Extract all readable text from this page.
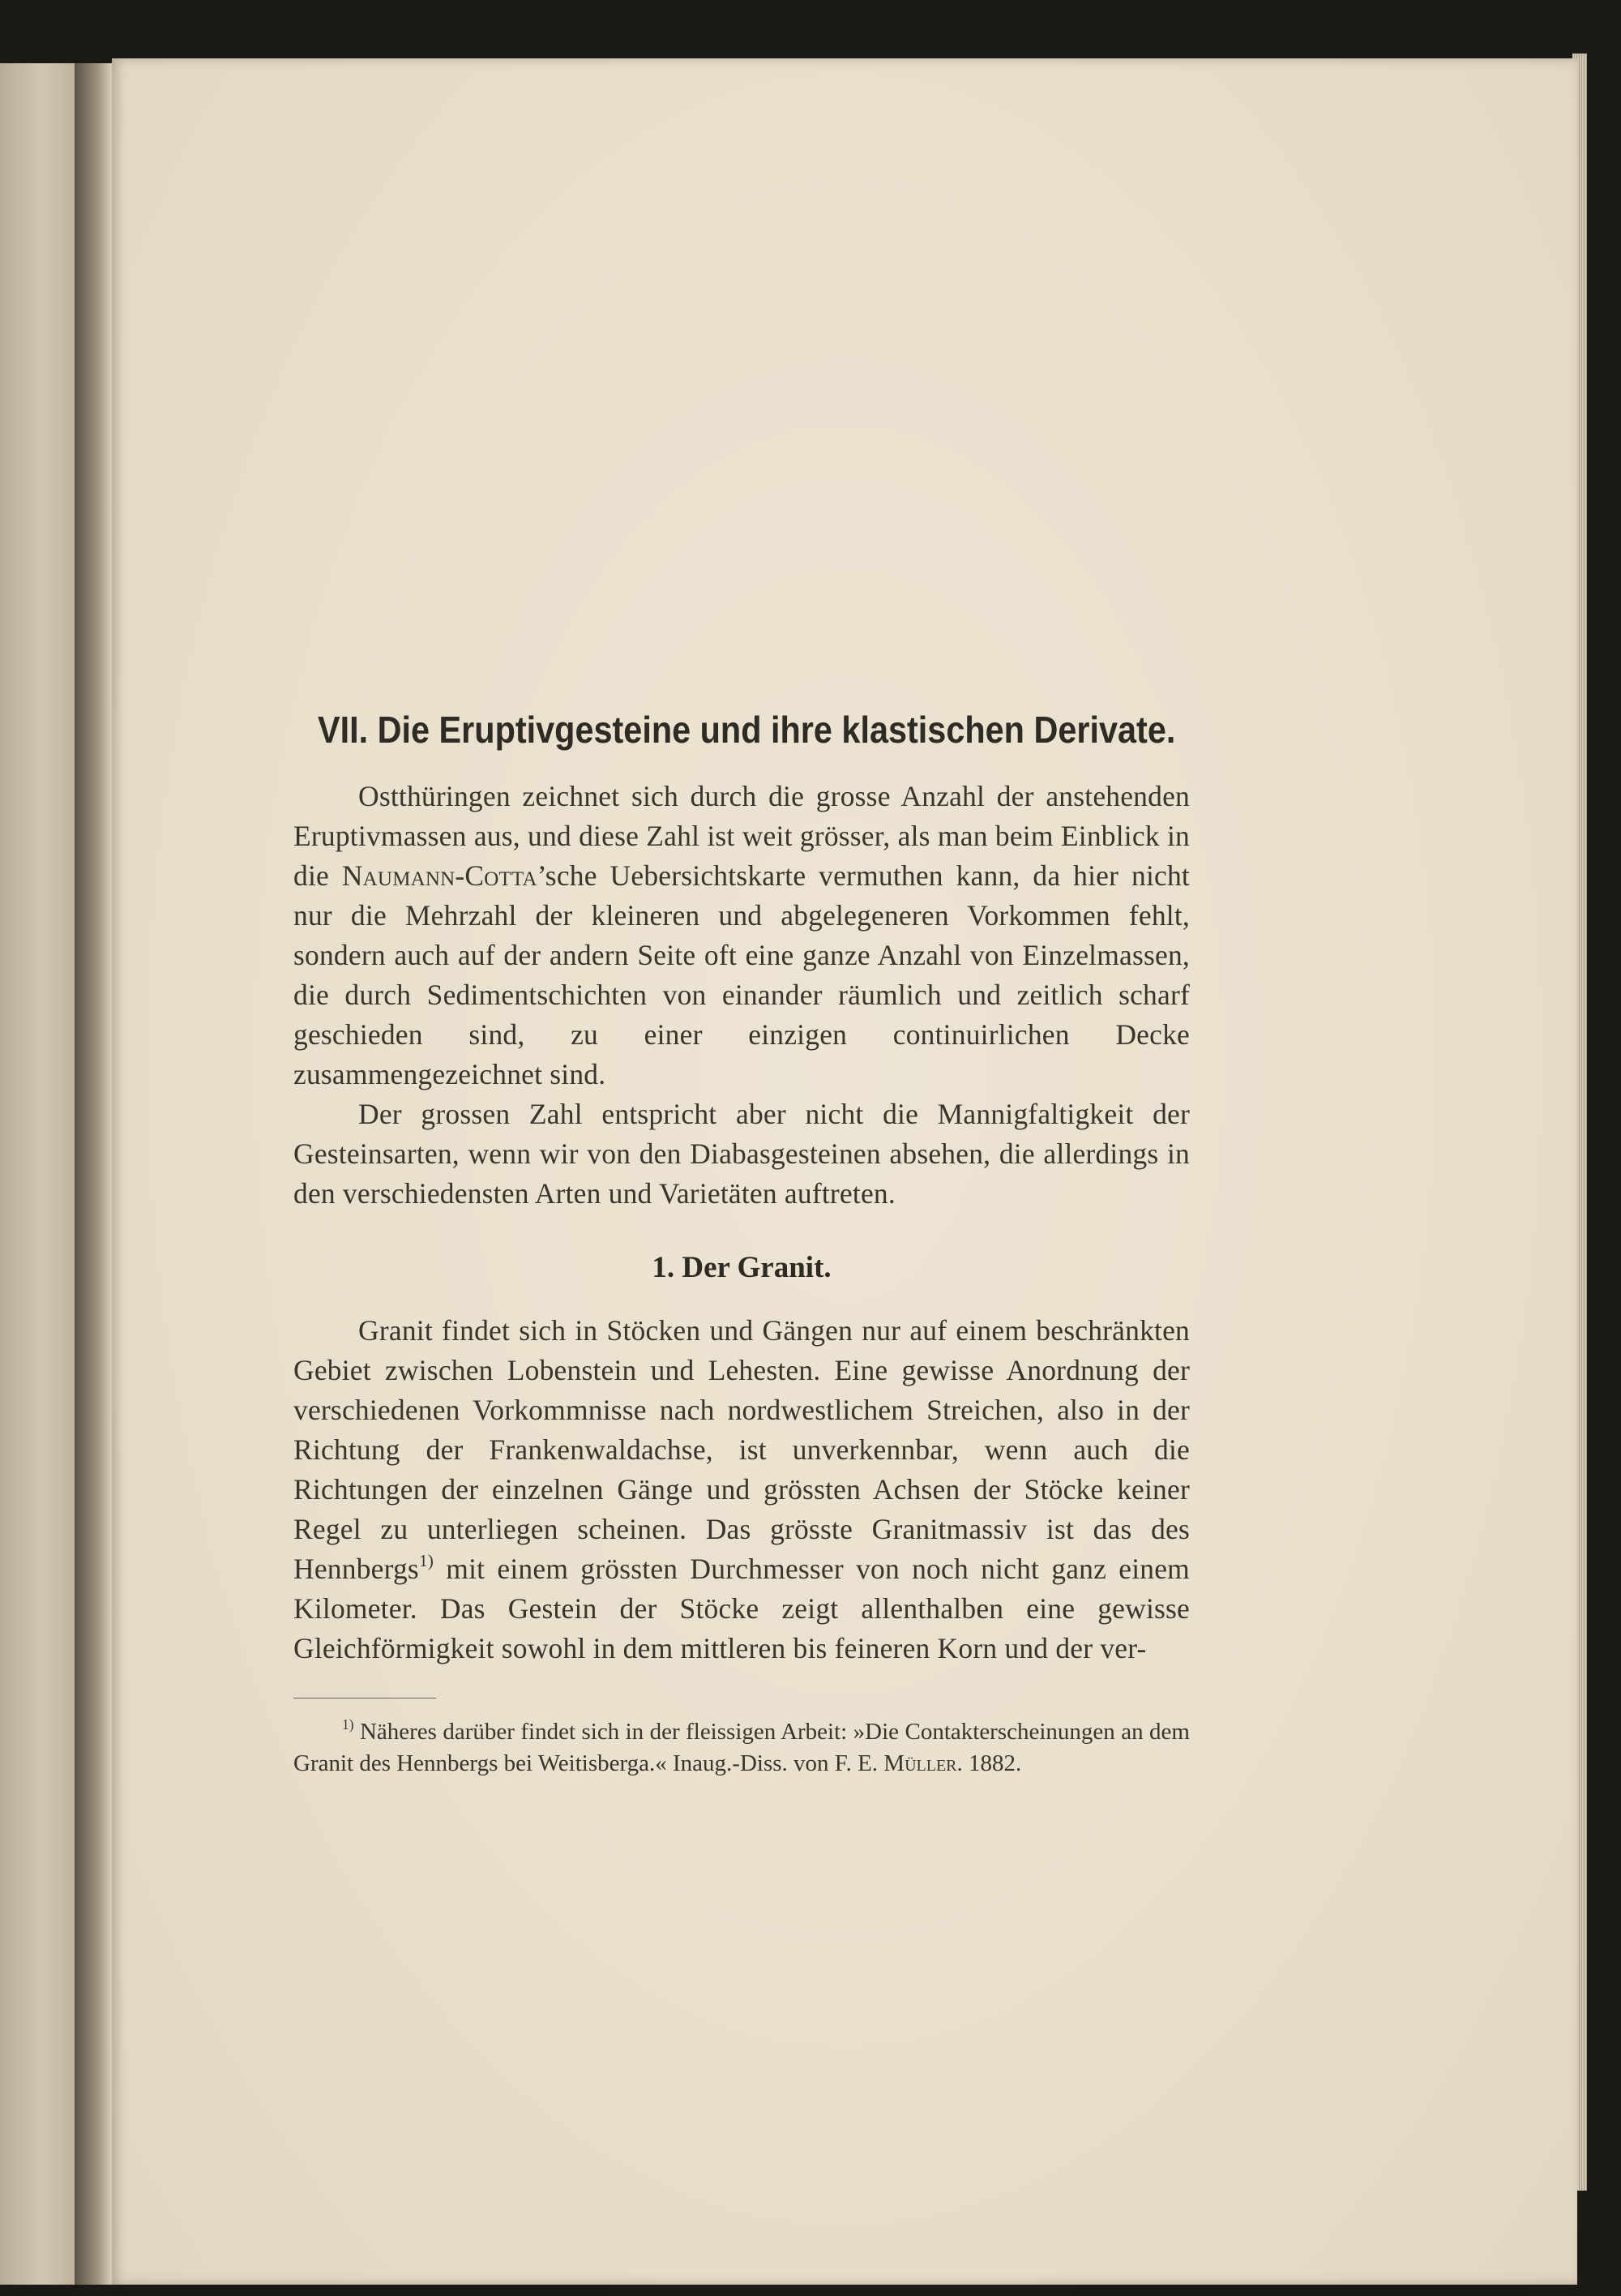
VII. Die Eruptivgesteine und ihre klastischen Derivate.

Ostthüringen zeichnet sich durch die grosse Anzahl der anstehenden Eruptivmassen aus, und diese Zahl ist weit grösser, als man beim Einblick in die Naumann-Cotta’sche Uebersichtskarte vermuthen kann, da hier nicht nur die Mehrzahl der kleineren und abgelegeneren Vorkommen fehlt, sondern auch auf der andern Seite oft eine ganze Anzahl von Einzelmassen, die durch Sedimentschichten von einander räumlich und zeitlich scharf geschieden sind, zu einer einzigen continuirlichen Decke zusammengezeichnet sind.

Der grossen Zahl entspricht aber nicht die Mannigfaltigkeit der Gesteinsarten, wenn wir von den Diabasgesteinen absehen, die allerdings in den verschiedensten Arten und Varietäten auftreten.

1. Der Granit.

Granit findet sich in Stöcken und Gängen nur auf einem beschränkten Gebiet zwischen Lobenstein und Lehesten. Eine gewisse Anordnung der verschiedenen Vorkommnisse nach nordwestlichem Streichen, also in der Richtung der Frankenwaldachse, ist unverkennbar, wenn auch die Richtungen der einzelnen Gänge und grössten Achsen der Stöcke keiner Regel zu unterliegen scheinen. Das grösste Granitmassiv ist das des Hennbergs$^{1)}$ mit einem grössten Durchmesser von noch nicht ganz einem Kilometer. Das Gestein der Stöcke zeigt allenthalben eine gewisse Gleichförmigkeit sowohl in dem mittleren bis feineren Korn und der ver-

$^{1)}$ Näheres darüber findet sich in der fleissigen Arbeit: »Die Contakterscheinungen an dem Granit des Hennbergs bei Weitisberga.« Inaug.-Diss. von F. E. Müller. 1882.
